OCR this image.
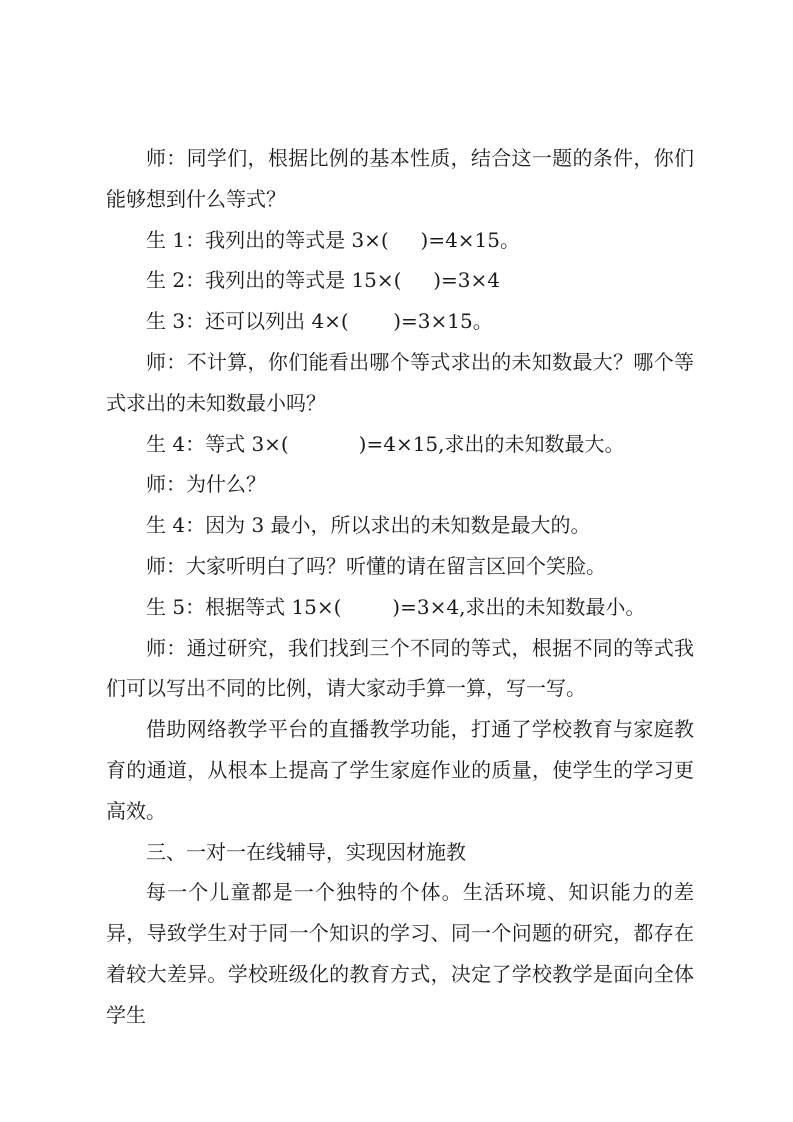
师：同学们，根据比例的基本性质，结合这一题的条件，你们能够想到什么等式？

生 1：我列出的等式是 3×(     )=4×15。

生 2：我列出的等式是 15×(     )=3×4

生 3：还可以列出 4×(       )=3×15。

师：不计算，你们能看出哪个等式求出的未知数最大？哪个等式求出的未知数最小吗？

生 4：等式 3×(           )=4×15,求出的未知数最大。

师：为什么？

生 4：因为 3 最小，所以求出的未知数是最大的。

师：大家听明白了吗？听懂的请在留言区回个笑脸。

生 5：根据等式 15×(        )=3×4,求出的未知数最小。

师：通过研究，我们找到三个不同的等式，根据不同的等式我们可以写出不同的比例，请大家动手算一算，写一写。

借助网络教学平台的直播教学功能，打通了学校教育与家庭教育的通道，从根本上提高了学生家庭作业的质量，使学生的学习更高效。

三、一对一在线辅导，实现因材施教

每一个儿童都是一个独特的个体。生活环境、知识能力的差异，导致学生对于同一个知识的学习、同一个问题的研究，都存在着较大差异。学校班级化的教育方式，决定了学校教学是面向全体学生
